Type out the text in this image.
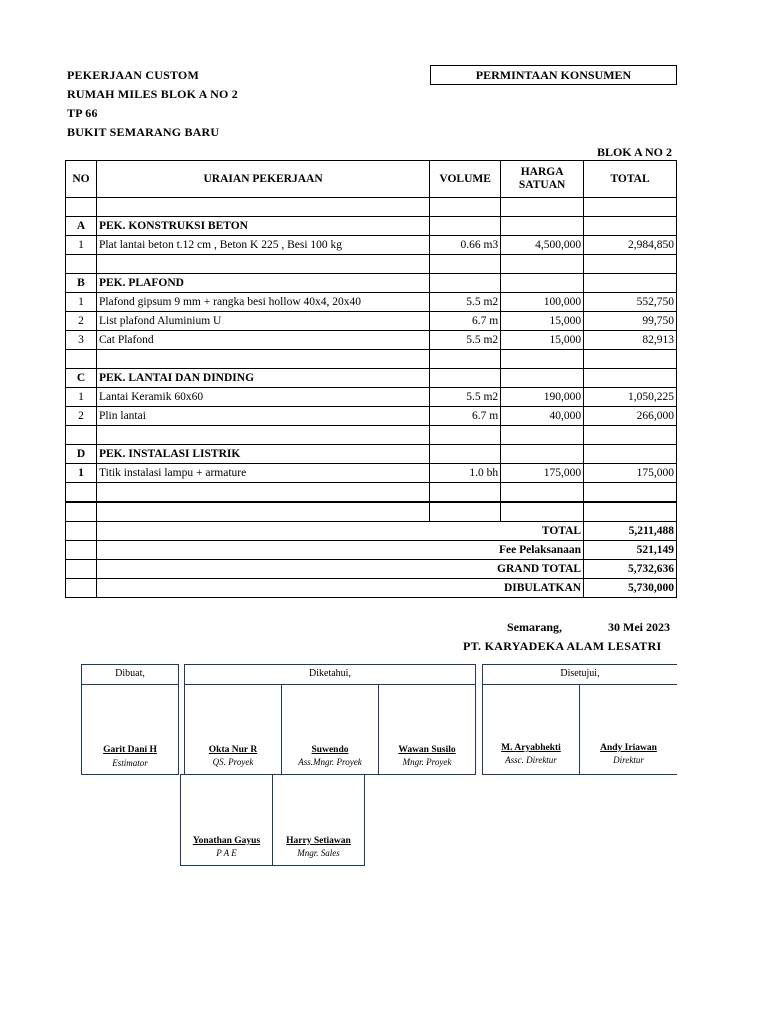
PEKERJAAN CUSTOM
RUMAH MILES BLOK A NO 2
TP 66
BUKIT SEMARANG BARU
PERMINTAAN KONSUMEN
BLOK A NO 2
NO	URAIAN PEKERJAAN	VOLUME	HARGA SATUAN	TOTAL

A	PEK. KONSTRUKSI BETON			
1	Plat lantai beton t.12 cm , Beton K 225 , Besi 100 kg	0.66 m3	4,500,000	2,984,850

B	PEK. PLAFOND			
1	Plafond gipsum 9 mm + rangka besi hollow 40x4, 20x40	5.5 m2	100,000	552,750
2	List plafond Aluminium U	6.7 m	15,000	99,750
3	Cat Plafond	5.5 m2	15,000	82,913

C	PEK. LANTAI DAN DINDING			
1	Lantai Keramik 60x60	5.5 m2	190,000	1,050,225
2	Plin lantai	6.7 m	40,000	266,000

D	PEK. INSTALASI LISTRIK			
1	Titik instalasi lampu + armature	1.0 bh	175,000	175,000

	TOTAL			5,211,488
	Fee Pelaksanaan			521,149
	GRAND TOTAL			5,732,636
	DIBULATKAN			5,730,000
Semarang,	30 Mei 2023
PT. KARYADEKA ALAM LESATRI
Dibuat,
Garit Dani H
Estimator
Diketahui,
Okta Nur R
QS. Proyek
Suwendo
Ass.Mngr. Proyek
Wawan Susilo
Mngr. Proyek
Disetujui,
M. Aryabhekti
Assc. Direktur
Andy Iriawan
Direktur
Yonathan Gayus
P A E
Harry Setiawan
Mngr. Sales
